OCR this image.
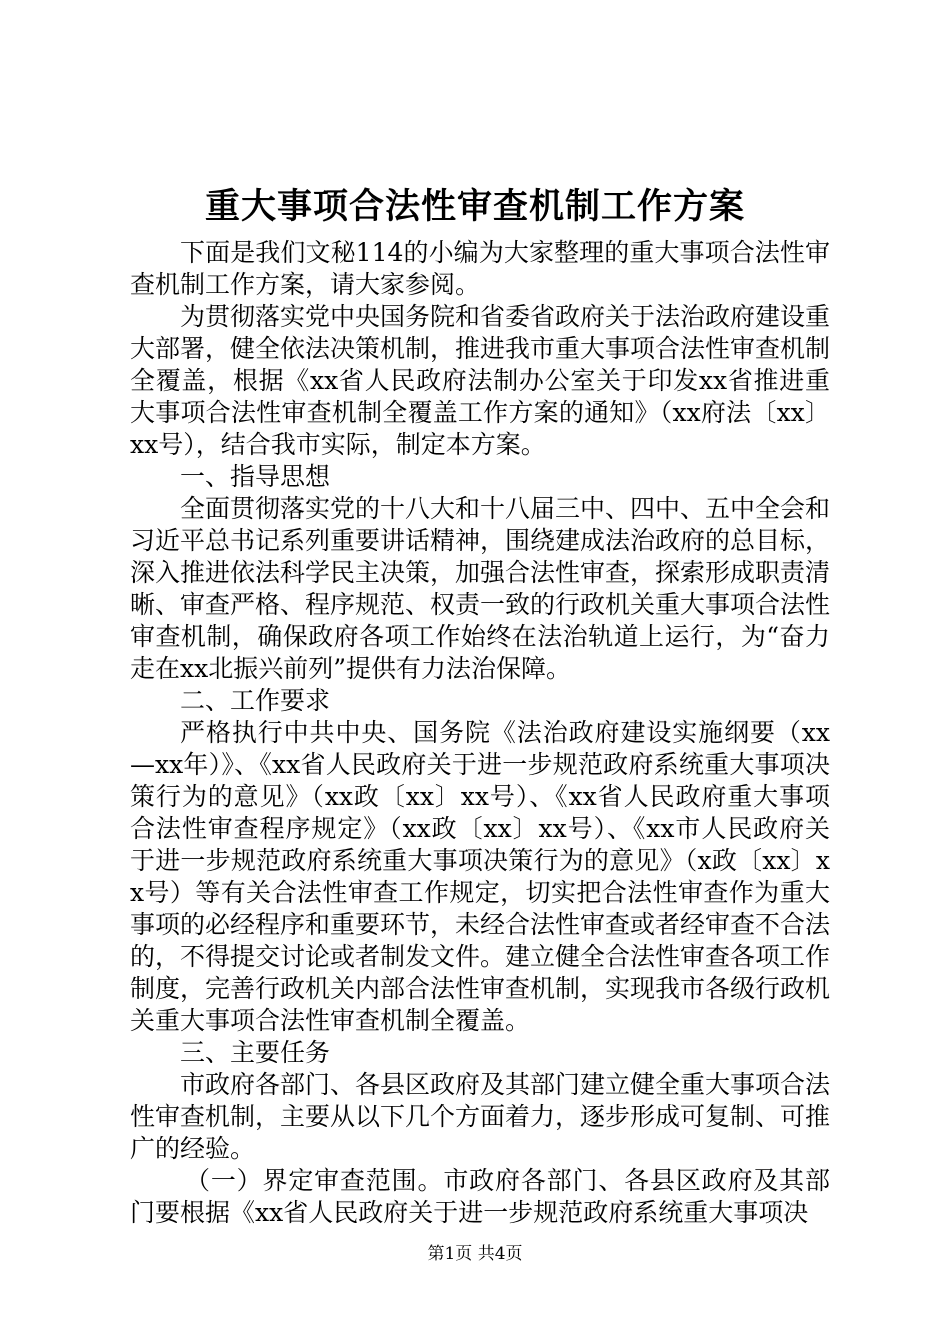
重大事项合法性审查机制工作方案

下面是我们文秘114的小编为大家整理的重大事项合法性审查机制工作方案，请大家参阅。

为贯彻落实党中央国务院和省委省政府关于法治政府建设重大部署，健全依法决策机制，推进我市重大事项合法性审查机制全覆盖，根据《xx省人民政府法制办公室关于印发xx省推进重大事项合法性审查机制全覆盖工作方案的通知》（xx府法〔xx〕xx号），结合我市实际，制定本方案。

一、指导思想

全面贯彻落实党的十八大和十八届三中、四中、五中全会和习近平总书记系列重要讲话精神，围绕建成法治政府的总目标，深入推进依法科学民主决策，加强合法性审查，探索形成职责清晰、审查严格、程序规范、权责一致的行政机关重大事项合法性审查机制，确保政府各项工作始终在法治轨道上运行，为“奋力走在xx北振兴前列”提供有力法治保障。

二、工作要求

严格执行中共中央、国务院《法治政府建设实施纲要（xx—xx年）》、《xx省人民政府关于进一步规范政府系统重大事项决策行为的意见》（xx政〔xx〕xx号）、《xx省人民政府重大事项合法性审查程序规定》（xx政〔xx〕xx号）、《xx市人民政府关于进一步规范政府系统重大事项决策行为的意见》（x政〔xx〕xx号）等有关合法性审查工作规定，切实把合法性审查作为重大事项的必经程序和重要环节，未经合法性审查或者经审查不合法的，不得提交讨论或者制发文件。建立健全合法性审查各项工作制度，完善行政机关内部合法性审查机制，实现我市各级行政机关重大事项合法性审查机制全覆盖。

三、主要任务

市政府各部门、各县区政府及其部门建立健全重大事项合法性审查机制，主要从以下几个方面着力，逐步形成可复制、可推广的经验。

（一）界定审查范围。市政府各部门、各县区政府及其部门要根据《xx省人民政府关于进一步规范政府系统重大事项决

第1页 共4页
